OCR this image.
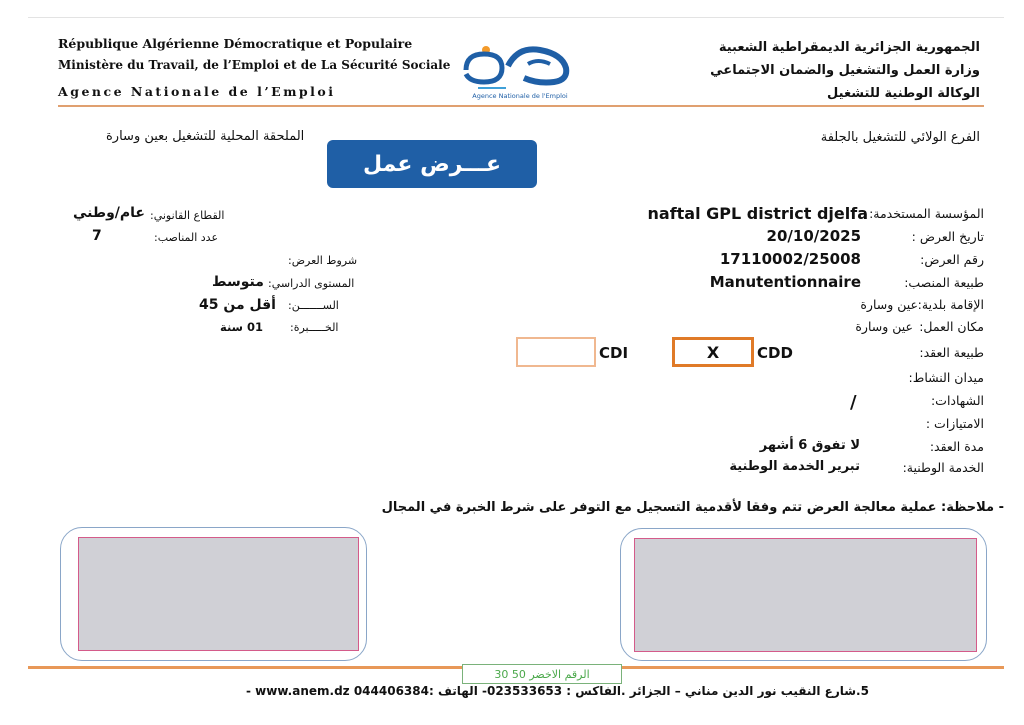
République Algérienne Démocratique et Populaire
Ministère du Travail, de l’Emploi et de La Sécurité Sociale
Agence Nationale de l’Emploi	Agence Nationale de l'Emploi
الجمهورية الجزائرية الديمقراطية الشعبية
وزارة العمل والتشغيل والضمان الاجتماعي
الوكالة الوطنية للتشغيل
الفرع الولائي للتشغيل بالجلفة
الملحقة المحلية للتشغيل بعين وسارة
عـــرض عمل
المؤسسة المستخدمة:
naftal GPL district djelfa
تاريخ العرض :
20/10/2025
رقم العرض:
17110002/25008
طبيعة المنصب:
Manutentionnaire
الإقامة بلدية:
عين وسارة
مكان العمل:
عين وسارة
طبيعة العقد:
X	CDD
CDI
ميدان النشاط:
الشهادات:
/
الامتيازات :
مدة العقد:
لا تفوق 6 أشهر
الخدمة الوطنية:
تبرير الخدمة الوطنية
القطاع القانوني:
عام/وطني
عدد المناصب:
7
شروط العرض:
المستوى الدراسي:
متوسط
الســـــــن:
أقل من 45
الخـــــبرة:
01 سنة
- ملاحظة: عملية معالجة العرض تتم وفقا لأقدمية التسجيل مع التوفر على شرط الخبرة في المجال
الرقم الاخضر 50 30
5.شارع النقيب نور الدين مناني – الجزائر .الفاكس : 023533653- الهاتف :044406384 www.anem.dz -
